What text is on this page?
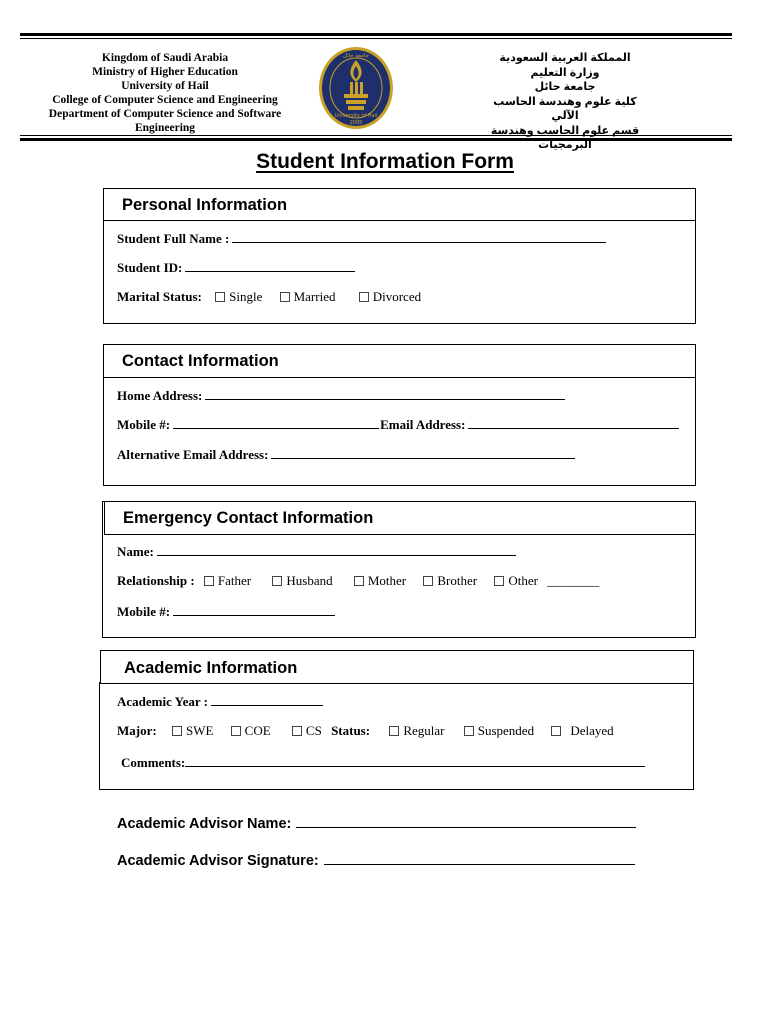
Kingdom of Saudi Arabia
Ministry of Higher Education
University of Hail
College of Computer Science and Engineering
Department of Computer Science and Software Engineering
جامعة حائل
University of Hail
2005
المملكة العربية السعودية
وزارة التعليم
جامعة حائل
كلية علوم وهندسة الحاسب الآلي
قسم علوم الحاسب وهندسة البرمجيات
Student Information Form
Personal Information
Student Full Name :
Student ID:
Marital Status: Single Married	Divorced
Contact Information
Home Address:
Mobile #:	Email Address:
Alternative Email Address:
Emergency Contact Information
Name:
Relationship : Father	Husband	Mother Brother Other ________
Mobile #:
Academic Information
Academic Year :
Major: SWE COE	CS Status:	Regular	Suspended	Delayed
Comments:
Academic Advisor Name:
Academic Advisor Signature:
